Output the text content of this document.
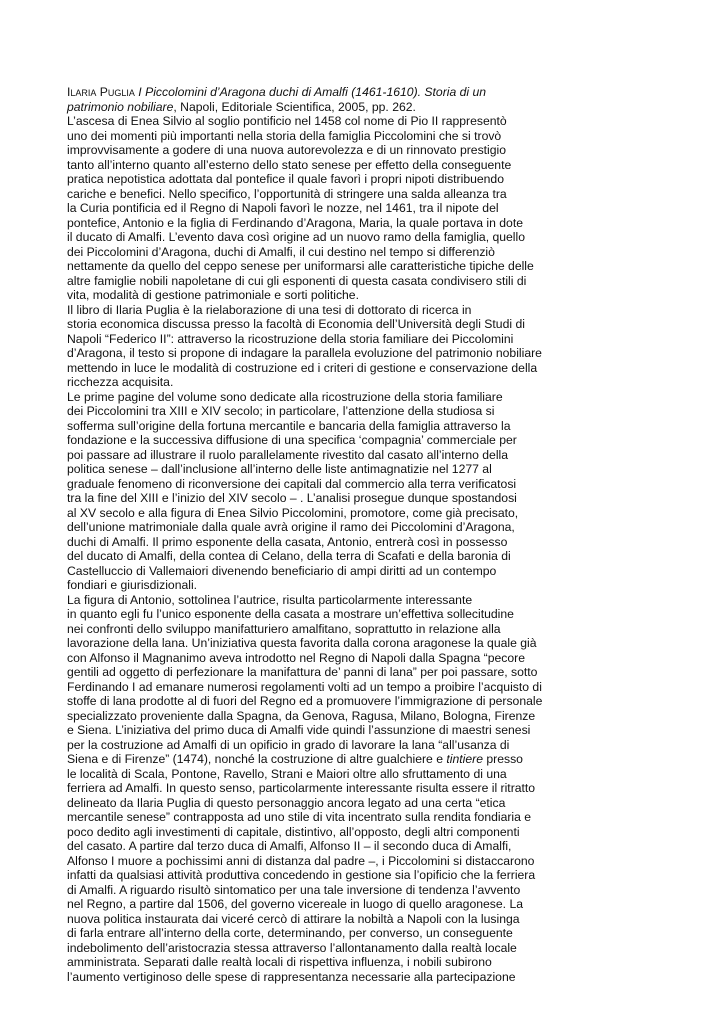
Ilaria Puglia I Piccolomini d’Aragona duchi di Amalfi (1461-1610). Storia di un
patrimonio nobiliare, Napoli, Editoriale Scientifica, 2005, pp. 262.
L’ascesa di Enea Silvio al soglio pontificio nel 1458 col nome di Pio II rappresentò
uno dei momenti più importanti nella storia della famiglia Piccolomini che si trovò
improvvisamente a godere di una nuova autorevolezza e di un rinnovato prestigio
tanto all’interno quanto all’esterno dello stato senese per effetto della conseguente
pratica nepotistica adottata dal pontefice il quale favorì i propri nipoti distribuendo
cariche e benefici. Nello specifico, l’opportunità di stringere una salda alleanza tra
la Curia pontificia ed il Regno di Napoli favorì le nozze, nel 1461, tra il nipote del
pontefice, Antonio e la figlia di Ferdinando d’Aragona, Maria, la quale portava in dote
il ducato di Amalfi. L’evento dava così origine ad un nuovo ramo della famiglia, quello
dei Piccolomini d’Aragona, duchi di Amalfi, il cui destino nel tempo si differenziò
nettamente da quello del ceppo senese per uniformarsi alle caratteristiche tipiche delle
altre famiglie nobili napoletane di cui gli esponenti di questa casata condivisero stili di
vita, modalità di gestione patrimoniale e sorti politiche.
Il libro di Ilaria Puglia è la rielaborazione di una tesi di dottorato di ricerca in
storia economica discussa presso la facoltà di Economia dell’Università degli Studi di
Napoli “Federico II”: attraverso la ricostruzione della storia familiare dei Piccolomini
d’Aragona, il testo si propone di indagare la parallela evoluzione del patrimonio nobiliare
mettendo in luce le modalità di costruzione ed i criteri di gestione e conservazione della
ricchezza acquisita.
Le prime pagine del volume sono dedicate alla ricostruzione della storia familiare
dei Piccolomini tra XIII e XIV secolo; in particolare, l’attenzione della studiosa si
sofferma sull’origine della fortuna mercantile e bancaria della famiglia attraverso la
fondazione e la successiva diffusione di una specifica ‘compagnia’ commerciale per
poi passare ad illustrare il ruolo parallelamente rivestito dal casato all’interno della
politica senese – dall’inclusione all’interno delle liste antimagnatizie nel 1277 al
graduale fenomeno di riconversione dei capitali dal commercio alla terra verificatosi
tra la fine del XIII e l’inizio del XIV secolo – . L’analisi prosegue dunque spostandosi
al XV secolo e alla figura di Enea Silvio Piccolomini, promotore, come già precisato,
dell’unione matrimoniale dalla quale avrà origine il ramo dei Piccolomini d’Aragona,
duchi di Amalfi. Il primo esponente della casata, Antonio, entrerà così in possesso
del ducato di Amalfi, della contea di Celano, della terra di Scafati e della baronia di
Castelluccio di Vallemaiori divenendo beneficiario di ampi diritti ad un contempo
fondiari e giurisdizionali.
La figura di Antonio, sottolinea l’autrice, risulta particolarmente interessante
in quanto egli fu l’unico esponente della casata a mostrare un’effettiva sollecitudine
nei confronti dello sviluppo manifatturiero amalfitano, soprattutto in relazione alla
lavorazione della lana. Un’iniziativa questa favorita dalla corona aragonese la quale già
con Alfonso il Magnanimo aveva introdotto nel Regno di Napoli dalla Spagna “pecore
gentili ad oggetto di perfezionare la manifattura de’ panni di lana” per poi passare, sotto
Ferdinando I ad emanare numerosi regolamenti volti ad un tempo a proibire l’acquisto di
stoffe di lana prodotte al di fuori del Regno ed a promuovere l’immigrazione di personale
specializzato proveniente dalla Spagna, da Genova, Ragusa, Milano, Bologna, Firenze
e Siena. L’iniziativa del primo duca di Amalfi vide quindi l’assunzione di maestri senesi
per la costruzione ad Amalfi di un opificio in grado di lavorare la lana “all’usanza di
Siena e di Firenze” (1474), nonché la costruzione di altre gualchiere e tintiere presso
le località di Scala, Pontone, Ravello, Strani e Maiori oltre allo sfruttamento di una
ferriera ad Amalfi. In questo senso, particolarmente interessante risulta essere il ritratto
delineato da Ilaria Puglia di questo personaggio ancora legato ad una certa “etica
mercantile senese” contrapposta ad uno stile di vita incentrato sulla rendita fondiaria e
poco dedito agli investimenti di capitale, distintivo, all’opposto, degli altri componenti
del casato. A partire dal terzo duca di Amalfi, Alfonso II – il secondo duca di Amalfi,
Alfonso I muore a pochissimi anni di distanza dal padre –, i Piccolomini si distaccarono
infatti da qualsiasi attività produttiva concedendo in gestione sia l’opificio che la ferriera
di Amalfi. A riguardo risultò sintomatico per una tale inversione di tendenza l’avvento
nel Regno, a partire dal 1506, del governo vicereale in luogo di quello aragonese. La
nuova politica instaurata dai viceré cercò di attirare la nobiltà a Napoli con la lusinga
di farla entrare all’interno della corte, determinando, per converso, un conseguente
indebolimento dell’aristocrazia stessa attraverso l’allontanamento dalla realtà locale
amministrata. Separati dalle realtà locali di rispettiva influenza, i nobili subirono
l’aumento vertiginoso delle spese di rappresentanza necessarie alla partecipazione
